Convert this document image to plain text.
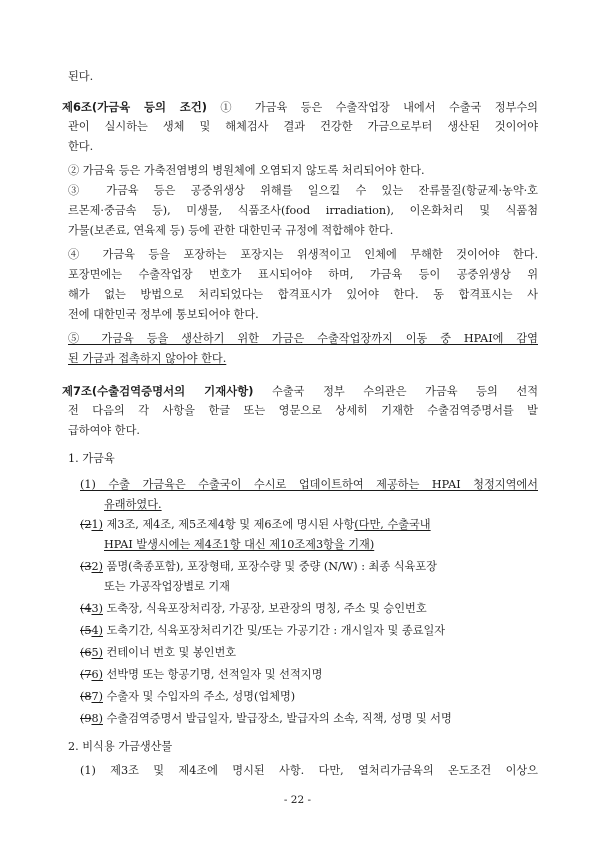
된다.
제6조(가금육 등의 조건) ① 가금육 등은 수출작업장 내에서 수출국 정부수의
관이 실시하는 생체 및 해체검사 결과 건강한 가금으로부터 생산된 것이어야
한다.
② 가금육 등은 가축전염병의 병원체에 오염되지 않도록 처리되어야 한다.
③ 가금육 등은 공중위생상 위해를 일으킬 수 있는 잔류물질(항균제·농약·호
르몬제·중금속 등), 미생물, 식품조사(food irradiation), 이온화처리 및 식품첨
가물(보존료, 연육제 등) 등에 관한 대한민국 규정에 적합해야 한다.
④ 가금육 등을 포장하는 포장지는 위생적이고 인체에 무해한 것이어야 한다.
포장면에는 수출작업장 번호가 표시되어야 하며, 가금육 등이 공중위생상 위
해가 없는 방법으로 처리되었다는 합격표시가 있어야 한다. 동 합격표시는 사
전에 대한민국 정부에 통보되어야 한다.
⑤ 가금육 등을 생산하기 위한 가금은 수출작업장까지 이동 중 HPAI에 감염
된 가금과 접촉하지 않아야 한다.
제7조(수출검역증명서의 기재사항) 수출국 정부 수의관은 가금육 등의 선적
전 다음의 각 사항을 한글 또는 영문으로 상세히 기재한 수출검역증명서를 발
급하여야 한다.
1. 가금육
(1) 수출 가금육은 수출국이 수시로 업데이트하여 제공하는 HPAI 청정지역에서
유래하였다.
(21) 제3조, 제4조, 제5조제4항 및 제6조에 명시된 사항(다만, 수출국내
HPAI 발생시에는 제4조1항 대신 제10조제3항을 기재)
(32) 품명(축종포함), 포장형태, 포장수량 및 중량 (N/W) : 최종 식육포장
또는 가공작업장별로 기재
(43) 도축장, 식육포장처리장, 가공장, 보관장의 명칭, 주소 및 승인번호
(54) 도축기간, 식육포장처리기간 및/또는 가공기간 : 개시일자 및 종료일자
(65) 컨테이너 번호 및 봉인번호
(76) 선박명 또는 항공기명, 선적일자 및 선적지명
(87) 수출자 및 수입자의 주소, 성명(업체명)
(98) 수출검역증명서 발급일자, 발급장소, 발급자의 소속, 직책, 성명 및 서명
2. 비식용 가금생산물
(1) 제3조 및 제4조에 명시된 사항. 다만, 열처리가금육의 온도조건 이상으
- 22 -
